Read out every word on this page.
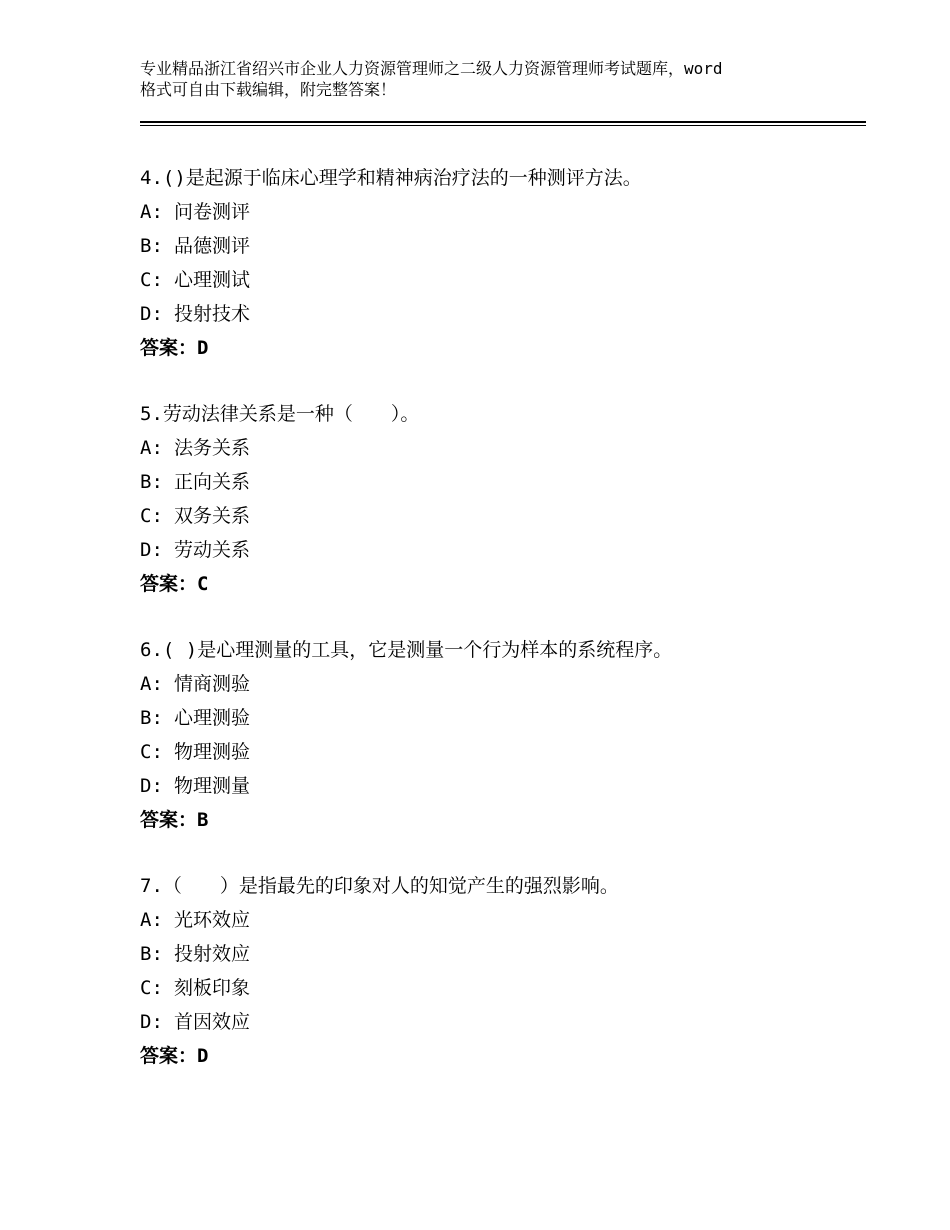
专业精品浙江省绍兴市企业人力资源管理师之二级人力资源管理师考试题库，word
格式可自由下载编辑，附完整答案！
4.()是起源于临床心理学和精神病治疗法的一种测评方法。
A: 问卷测评
B: 品德测评
C: 心理测试
D: 投射技术
答案：D
5.劳动法律关系是一种（　　）。
A: 法务关系
B: 正向关系
C: 双务关系
D: 劳动关系
答案：C
6.( )是心理测量的工具，它是测量一个行为样本的系统程序。
A: 情商测验
B: 心理测验
C: 物理测验
D: 物理测量
答案：B
7.（　　）是指最先的印象对人的知觉产生的强烈影响。
A: 光环效应
B: 投射效应
C: 刻板印象
D: 首因效应
答案：D
